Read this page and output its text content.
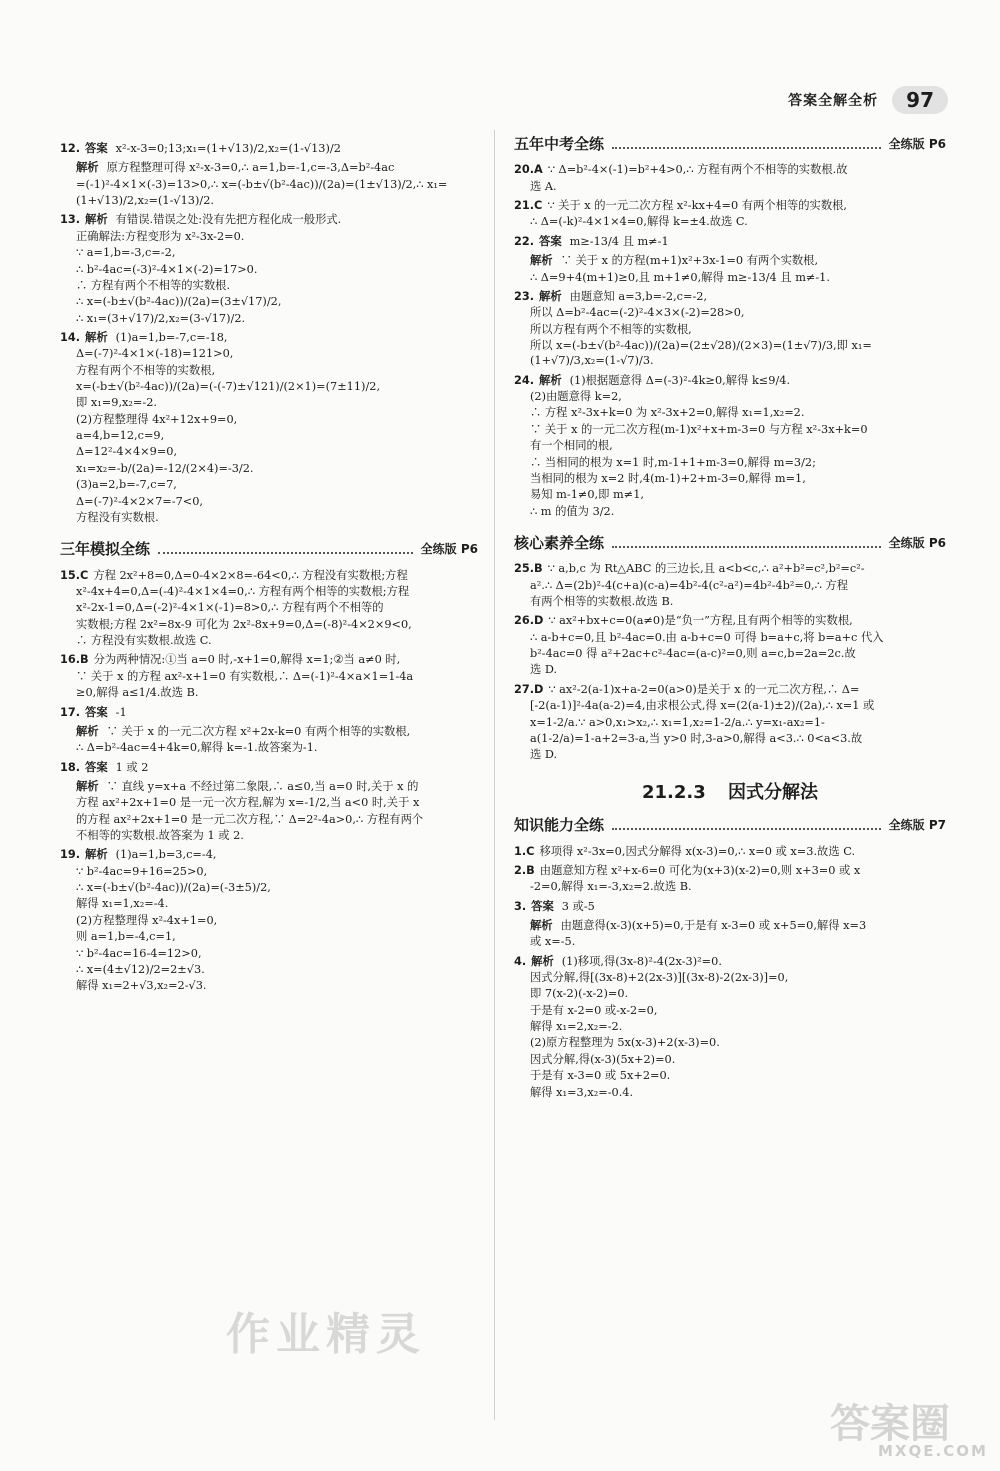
答案全解全析	97
12. 答案 x²-x-3=0;13;x₁=(1+√13)/2,x₂=(1-√13)/2
解析 原方程整理可得 x²-x-3=0,∴ a=1,b=-1,c=-3,Δ=b²-4ac
=(-1)²-4×1×(-3)=13>0,∴ x=(-b±√(b²-4ac))/(2a)=(1±√13)/2,∴ x₁=
(1+√13)/2,x₂=(1-√13)/2.
13. 解析 有错误.错误之处:没有先把方程化成一般形式.
正确解法:方程变形为 x²-3x-2=0.
∵ a=1,b=-3,c=-2,
∴ b²-4ac=(-3)²-4×1×(-2)=17>0.
∴ 方程有两个不相等的实数根.
∴ x=(-b±√(b²-4ac))/(2a)=(3±√17)/2,
∴ x₁=(3+√17)/2,x₂=(3-√17)/2.
14. 解析 (1)a=1,b=-7,c=-18,
Δ=(-7)²-4×1×(-18)=121>0,
方程有两个不相等的实数根,
x=(-b±√(b²-4ac))/(2a)=(-(-7)±√121)/(2×1)=(7±11)/2,
即 x₁=9,x₂=-2.
(2)方程整理得 4x²+12x+9=0,
a=4,b=12,c=9,
Δ=12²-4×4×9=0,
x₁=x₂=-b/(2a)=-12/(2×4)=-3/2.
(3)a=2,b=-7,c=7,
Δ=(-7)²-4×2×7=-7<0,
方程没有实数根.
三年模拟全练	全练版 P6
15.C 方程 2x²+8=0,Δ=0-4×2×8=-64<0,∴ 方程没有实数根;方程
x²-4x+4=0,Δ=(-4)²-4×1×4=0,∴ 方程有两个相等的实数根;方程
x²-2x-1=0,Δ=(-2)²-4×1×(-1)=8>0,∴ 方程有两个不相等的
实数根;方程 2x²=8x-9 可化为 2x²-8x+9=0,Δ=(-8)²-4×2×9<0,
∴ 方程没有实数根.故选 C.
16.B 分为两种情况:①当 a=0 时,-x+1=0,解得 x=1;②当 a≠0 时,
∵ 关于 x 的方程 ax²-x+1=0 有实数根,∴ Δ=(-1)²-4×a×1=1-4a
≥0,解得 a≤1/4.故选 B.
17. 答案 -1
解析 ∵ 关于 x 的一元二次方程 x²+2x-k=0 有两个相等的实数根,
∴ Δ=b²-4ac=4+4k=0,解得 k=-1.故答案为-1.
18. 答案 1 或 2
解析 ∵ 直线 y=x+a 不经过第二象限,∴ a≤0,当 a=0 时,关于 x 的
方程 ax²+2x+1=0 是一元一次方程,解为 x=-1/2,当 a<0 时,关于 x
的方程 ax²+2x+1=0 是一元二次方程,∵ Δ=2²-4a>0,∴ 方程有两个
不相等的实数根.故答案为 1 或 2.
19. 解析 (1)a=1,b=3,c=-4,
∵ b²-4ac=9+16=25>0,
∴ x=(-b±√(b²-4ac))/(2a)=(-3±5)/2,
解得 x₁=1,x₂=-4.
(2)方程整理得 x²-4x+1=0,
则 a=1,b=-4,c=1,
∵ b²-4ac=16-4=12>0,
∴ x=(4±√12)/2=2±√3.
解得 x₁=2+√3,x₂=2-√3.
五年中考全练	全练版 P6
20.A ∵ Δ=b²-4×(-1)=b²+4>0,∴ 方程有两个不相等的实数根.故
选 A.
21.C ∵ 关于 x 的一元二次方程 x²-kx+4=0 有两个相等的实数根,
∴ Δ=(-k)²-4×1×4=0,解得 k=±4.故选 C.
22. 答案 m≥-13/4 且 m≠-1
解析 ∵ 关于 x 的方程(m+1)x²+3x-1=0 有两个实数根,
∴ Δ=9+4(m+1)≥0,且 m+1≠0,解得 m≥-13/4 且 m≠-1.
23. 解析 由题意知 a=3,b=-2,c=-2,
所以 Δ=b²-4ac=(-2)²-4×3×(-2)=28>0,
所以方程有两个不相等的实数根,
所以 x=(-b±√(b²-4ac))/(2a)=(2±√28)/(2×3)=(1±√7)/3,即 x₁=(1+√7)/3,x₂=(1-√7)/3.
24. 解析 (1)根据题意得 Δ=(-3)²-4k≥0,解得 k≤9/4.
(2)由题意得 k=2,
∴ 方程 x²-3x+k=0 为 x²-3x+2=0,解得 x₁=1,x₂=2.
∵ 关于 x 的一元二次方程(m-1)x²+x+m-3=0 与方程 x²-3x+k=0
有一个相同的根,
∴ 当相同的根为 x=1 时,m-1+1+m-3=0,解得 m=3/2;
当相同的根为 x=2 时,4(m-1)+2+m-3=0,解得 m=1,
易知 m-1≠0,即 m≠1,
∴ m 的值为 3/2.
核心素养全练	全练版 P6
25.B ∵ a,b,c 为 Rt△ABC 的三边长,且 a<b<c,∴ a²+b²=c²,b²=c²-
a².∴ Δ=(2b)²-4(c+a)(c-a)=4b²-4(c²-a²)=4b²-4b²=0,∴ 方程
有两个相等的实数根.故选 B.
26.D ∵ ax²+bx+c=0(a≠0)是“负一”方程,且有两个相等的实数根,
∴ a-b+c=0,且 b²-4ac=0.由 a-b+c=0 可得 b=a+c,将 b=a+c 代入
b²-4ac=0 得 a²+2ac+c²-4ac=(a-c)²=0,则 a=c,b=2a=2c.故
选 D.
27.D ∵ ax²-2(a-1)x+a-2=0(a>0)是关于 x 的一元二次方程,∴ Δ=
[-2(a-1)]²-4a(a-2)=4,由求根公式,得 x=(2(a-1)±2)/(2a),∴ x=1 或
x=1-2/a.∵ a>0,x₁>x₂,∴ x₁=1,x₂=1-2/a.∴ y=x₁-ax₂=1-
a(1-2/a)=1-a+2=3-a,当 y>0 时,3-a>0,解得 a<3.∴ 0<a<3.故
选 D.
21.2.3 因式分解法
知识能力全练	全练版 P7
1.C 移项得 x²-3x=0,因式分解得 x(x-3)=0,∴ x=0 或 x=3.故选 C.
2.B 由题意知方程 x²+x-6=0 可化为(x+3)(x-2)=0,则 x+3=0 或 x
-2=0,解得 x₁=-3,x₂=2.故选 B.
3. 答案 3 或-5
解析 由题意得(x-3)(x+5)=0,于是有 x-3=0 或 x+5=0,解得 x=3
或 x=-5.
4. 解析 (1)移项,得(3x-8)²-4(2x-3)²=0.
因式分解,得[(3x-8)+2(2x-3)][(3x-8)-2(2x-3)]=0,
即 7(x-2)(-x-2)=0.
于是有 x-2=0 或-x-2=0,
解得 x₁=2,x₂=-2.
(2)原方程整理为 5x(x-3)+2(x-3)=0.
因式分解,得(x-3)(5x+2)=0.
于是有 x-3=0 或 5x+2=0.
解得 x₁=3,x₂=-0.4.
作业精灵
答案圈
MXQE.COM
